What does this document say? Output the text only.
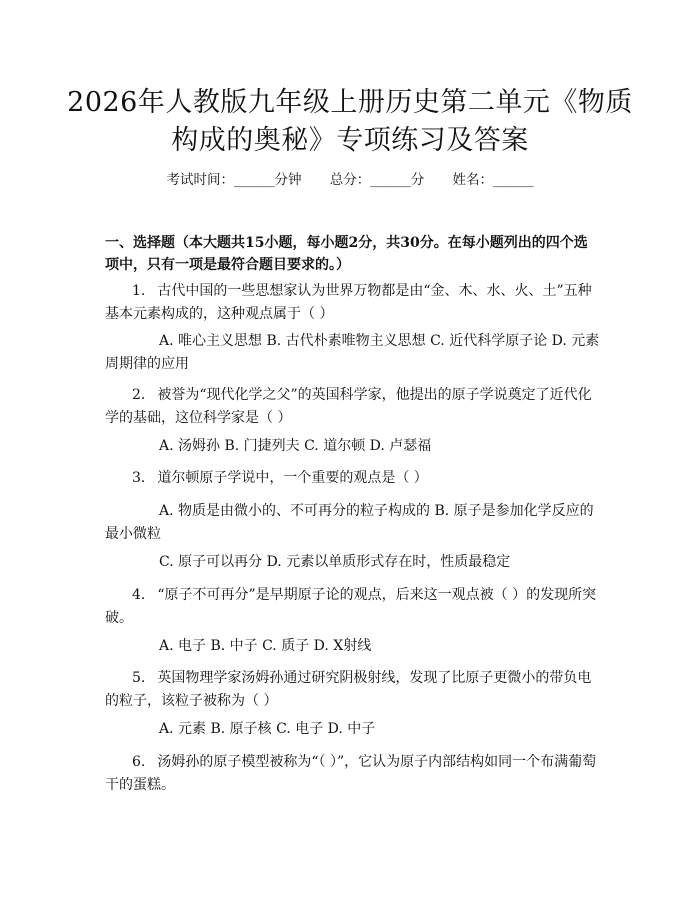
2026年人教版九年级上册历史第二单元《物质构成的奥秘》专项练习及答案
考试时间：______分钟 总分：______分 姓名：______
一、选择题（本大题共15小题，每小题2分，共30分。在每小题列出的四个选项中，只有一项是最符合题目要求的。）
1. 古代中国的一些思想家认为世界万物都是由“金、木、水、火、土”五种基本元素构成的，这种观点属于（ ）
A. 唯心主义思想 B. 古代朴素唯物主义思想 C. 近代科学原子论 D. 元素周期律的应用
2. 被誉为“现代化学之父”的英国科学家，他提出的原子学说奠定了近代化学的基础，这位科学家是（ ）
A. 汤姆孙 B. 门捷列夫 C. 道尔顿 D. 卢瑟福
3. 道尔顿原子学说中，一个重要的观点是（ ）
A. 物质是由微小的、不可再分的粒子构成的 B. 原子是参加化学反应的最小微粒
C. 原子可以再分 D. 元素以单质形式存在时，性质最稳定
4. “原子不可再分”是早期原子论的观点，后来这一观点被（ ）的发现所突破。
A. 电子 B. 中子 C. 质子 D. X射线
5. 英国物理学家汤姆孙通过研究阴极射线，发现了比原子更微小的带负电的粒子，该粒子被称为（ ）
A. 元素 B. 原子核 C. 电子 D. 中子
6. 汤姆孙的原子模型被称为“（ ）”，它认为原子内部结构如同一个布满葡萄干的蛋糕。
